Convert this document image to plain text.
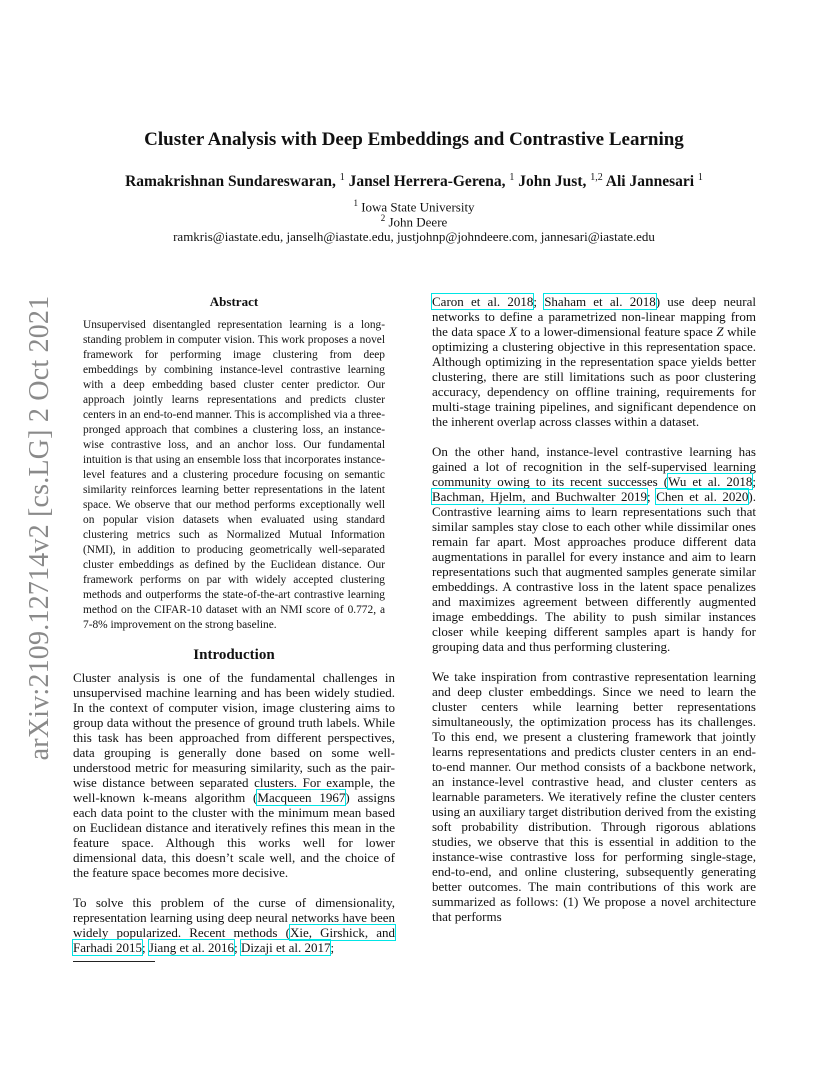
arXiv:2109.12714v2 [cs.LG] 2 Oct 2021
Cluster Analysis with Deep Embeddings and Contrastive Learning
Ramakrishnan Sundareswaran, $^1$ Jansel Herrera-Gerena, $^1$ John Just, $^{1,2}$ Ali Jannesari $^1$
$^1$ Iowa State University
$^2$ John Deere
ramkris@iastate.edu, janselh@iastate.edu, justjohnp@johndeere.com, jannesari@iastate.edu
Abstract
Unsupervised disentangled representation learning is a long-standing problem in computer vision. This work proposes a novel framework for performing image clustering from deep embeddings by combining instance-level contrastive learning with a deep embedding based cluster center predictor. Our approach jointly learns representations and predicts cluster centers in an end-to-end manner. This is accomplished via a three-pronged approach that combines a clustering loss, an instance-wise contrastive loss, and an anchor loss. Our fundamental intuition is that using an ensemble loss that incorporates instance-level features and a clustering procedure focusing on semantic similarity reinforces learning better representations in the latent space. We observe that our method performs exceptionally well on popular vision datasets when evaluated using standard clustering metrics such as Normalized Mutual Information (NMI), in addition to producing geometrically well-separated cluster embeddings as defined by the Euclidean distance. Our framework performs on par with widely accepted clustering methods and outperforms the state-of-the-art contrastive learning method on the CIFAR-10 dataset with an NMI score of 0.772, a 7-8% improvement on the strong baseline.
Introduction

Cluster analysis is one of the fundamental challenges in unsupervised machine learning and has been widely studied. In the context of computer vision, image clustering aims to group data without the presence of ground truth labels. While this task has been approached from different perspectives, data grouping is generally done based on some well-understood metric for measuring similarity, such as the pair-wise distance between separated clusters. For example, the well-known k-means algorithm (Macqueen 1967) assigns each data point to the cluster with the minimum mean based on Euclidean distance and iteratively refines this mean in the feature space. Although this works well for lower dimensional data, this doesn’t scale well, and the choice of the feature space becomes more decisive.

To solve this problem of the curse of dimensionality, representation learning using deep neural networks have been widely popularized. Recent methods (Xie, Girshick, and Farhadi 2015; Jiang et al. 2016; Dizaji et al. 2017;

Caron et al. 2018; Shaham et al. 2018) use deep neural networks to define a parametrized non-linear mapping from the data space X to a lower-dimensional feature space Z while optimizing a clustering objective in this representation space. Although optimizing in the representation space yields better clustering, there are still limitations such as poor clustering accuracy, dependency on offline training, requirements for multi-stage training pipelines, and significant dependence on the inherent overlap across classes within a dataset.

On the other hand, instance-level contrastive learning has gained a lot of recognition in the self-supervised learning community owing to its recent successes (Wu et al. 2018; Bachman, Hjelm, and Buchwalter 2019; Chen et al. 2020). Contrastive learning aims to learn representations such that similar samples stay close to each other while dissimilar ones remain far apart. Most approaches produce different data augmentations in parallel for every instance and aim to learn representations such that augmented samples generate similar embeddings. A contrastive loss in the latent space penalizes and maximizes agreement between differently augmented image embeddings. The ability to push similar instances closer while keeping different samples apart is handy for grouping data and thus performing clustering.

We take inspiration from contrastive representation learning and deep cluster embeddings. Since we need to learn the cluster centers while learning better representations simultaneously, the optimization process has its challenges. To this end, we present a clustering framework that jointly learns representations and predicts cluster centers in an end-to-end manner. Our method consists of a backbone network, an instance-level contrastive head, and cluster centers as learnable parameters. We iteratively refine the cluster centers using an auxiliary target distribution derived from the existing soft probability distribution. Through rigorous ablations studies, we observe that this is essential in addition to the instance-wise contrastive loss for performing single-stage, end-to-end, and online clustering, subsequently generating better outcomes. The main contributions of this work are summarized as follows: (1) We propose a novel architecture that performs
